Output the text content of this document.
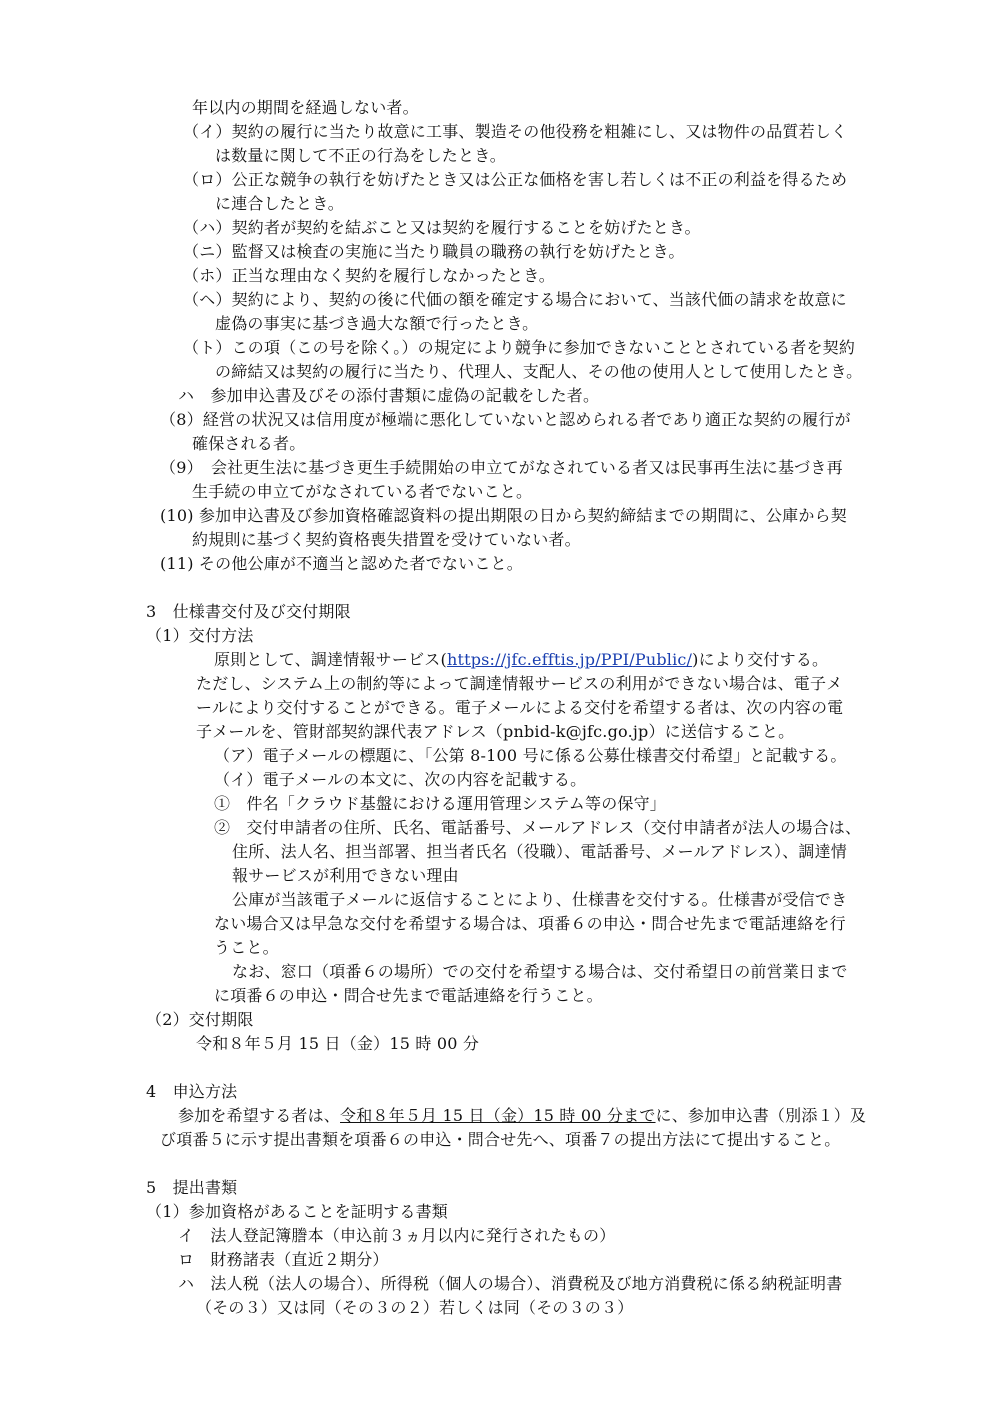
年以内の期間を経過しない者。
（イ）契約の履行に当たり故意に工事、製造その他役務を粗雑にし、又は物件の品質若しく
は数量に関して不正の行為をしたとき。
（ロ）公正な競争の執行を妨げたとき又は公正な価格を害し若しくは不正の利益を得るため
に連合したとき。
（ハ）契約者が契約を結ぶこと又は契約を履行することを妨げたとき。
（ニ）監督又は検査の実施に当たり職員の職務の執行を妨げたとき。
（ホ）正当な理由なく契約を履行しなかったとき。
（ヘ）契約により、契約の後に代価の額を確定する場合において、当該代価の請求を故意に
虚偽の事実に基づき過大な額で行ったとき。
（ト）この項（この号を除く。）の規定により競争に参加できないこととされている者を契約
の締結又は契約の履行に当たり、代理人、支配人、その他の使用人として使用したとき。
ハ　参加申込書及びその添付書類に虚偽の記載をした者。
（8）経営の状況又は信用度が極端に悪化していないと認められる者であり適正な契約の履行が
確保される者。
（9）　会社更生法に基づき更生手続開始の申立てがなされている者又は民事再生法に基づき再
生手続の申立てがなされている者でないこと。
(10) 参加申込書及び参加資格確認資料の提出期限の日から契約締結までの期間に、公庫から契
約規則に基づく契約資格喪失措置を受けていない者。
(11) その他公庫が不適当と認めた者でないこと。
3　仕様書交付及び交付期限
（1）交付方法
原則として、調達情報サービス(https://jfc.efftis.jp/PPI/Public/)により交付する。
ただし、システム上の制約等によって調達情報サービスの利用ができない場合は、電子メ
ールにより交付することができる。電子メールによる交付を希望する者は、次の内容の電
子メールを、管財部契約課代表アドレス（pnbid-k@jfc.go.jp）に送信すること。
（ア）電子メールの標題に、「公第 8-100 号に係る公募仕様書交付希望」と記載する。
（イ）電子メールの本文に、次の内容を記載する。
①　件名「クラウド基盤における運用管理システム等の保守」
②　交付申請者の住所、氏名、電話番号、メールアドレス（交付申請者が法人の場合は、
住所、法人名、担当部署、担当者氏名（役職）、電話番号、メールアドレス）、調達情
報サービスが利用できない理由
公庫が当該電子メールに返信することにより、仕様書を交付する。仕様書が受信でき
ない場合又は早急な交付を希望する場合は、項番６の申込・問合せ先まで電話連絡を行
うこと。
なお、窓口（項番６の場所）での交付を希望する場合は、交付希望日の前営業日まで
に項番６の申込・問合せ先まで電話連絡を行うこと。
（2）交付期限
令和８年５月 15 日（金）15 時 00 分
4　申込方法
参加を希望する者は、令和８年５月 15 日（金）15 時 00 分までに、参加申込書（別添１）及
び項番５に示す提出書類を項番６の申込・問合せ先へ、項番７の提出方法にて提出すること。
5　提出書類
（1）参加資格があることを証明する書類
イ　法人登記簿謄本（申込前３ヵ月以内に発行されたもの）
ロ　財務諸表（直近２期分）
ハ　法人税（法人の場合）、所得税（個人の場合）、消費税及び地方消費税に係る納税証明書
（その３）又は同（その３の２）若しくは同（その３の３）
